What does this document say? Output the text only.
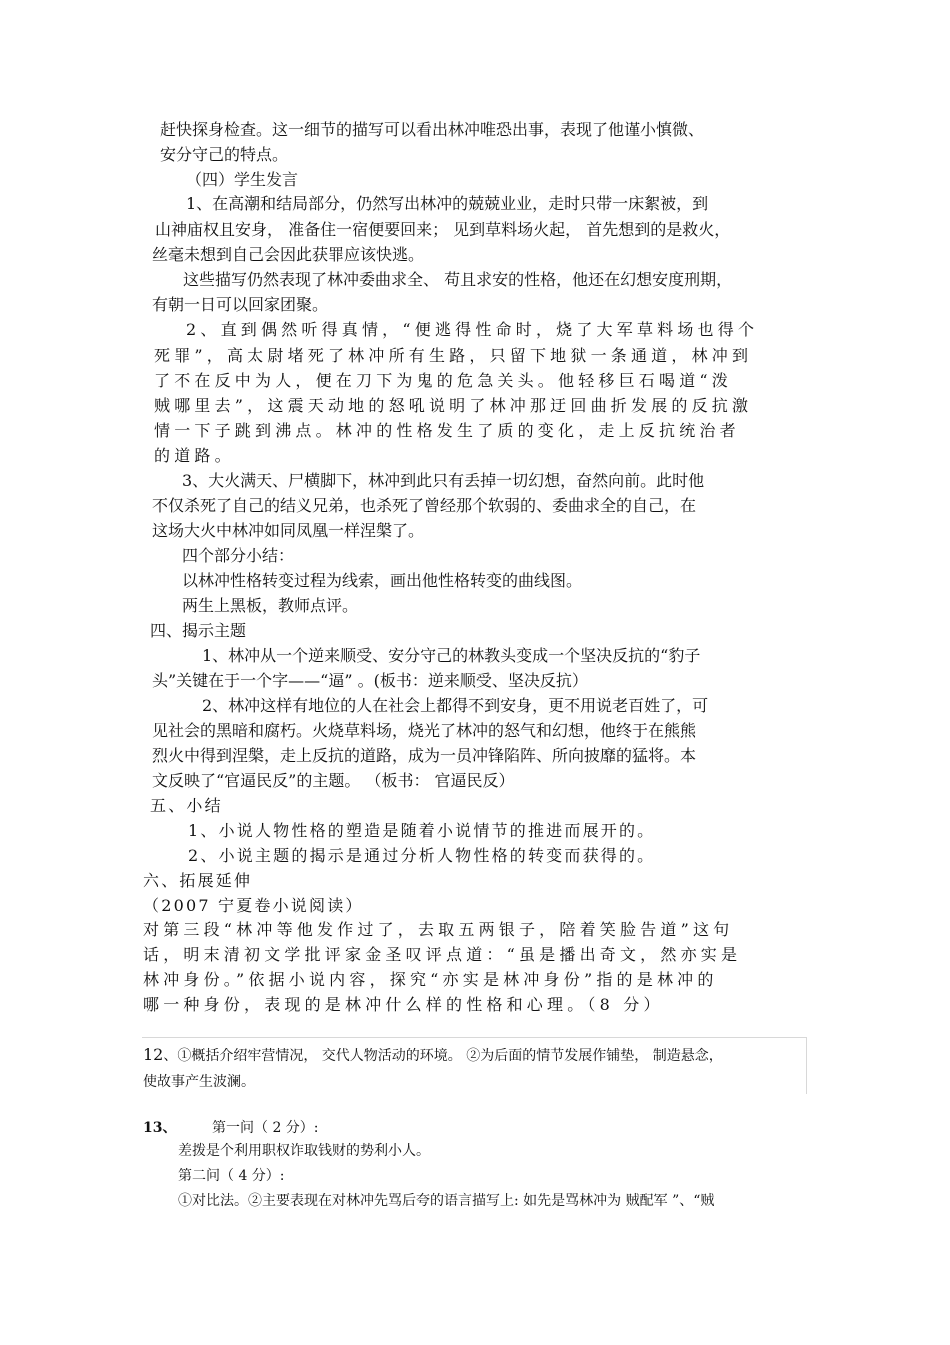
赶快探身检查。这一细节的描写可以看出林冲唯恐出事，表现了他谨小慎微、
安分守己的特点。
（四）学生发言
1、在高潮和结局部分，仍然写出林冲的兢兢业业，走时只带一床絮被，到
山神庙权且安身， 准备住一宿便要回来； 见到草料场火起， 首先想到的是救火，
丝毫未想到自己会因此获罪应该快逃。
这些描写仍然表现了林冲委曲求全、 苟且求安的性格，他还在幻想安度刑期，
有朝一日可以回家团聚。
2、直到偶然听得真情，“便逃得性命时，烧了大军草料场也得个
死罪”，高太尉堵死了林冲所有生路，只留下地狱一条通道，林冲到
了不在反中为人，便在刀下为鬼的危急关头。他轻移巨石喝道“泼
贼哪里去”，这震天动地的怒吼说明了林冲那迂回曲折发展的反抗激
情一下子跳到沸点。林冲的性格发生了质的变化，走上反抗统治者
的道路。
3、大火满天、尸横脚下，林冲到此只有丢掉一切幻想，奋然向前。此时他
不仅杀死了自己的结义兄弟，也杀死了曾经那个软弱的、委曲求全的自己，在
这场大火中林冲如同凤凰一样涅槃了。
四个部分小结：
以林冲性格转变过程为线索，画出他性格转变的曲线图。
两生上黑板，教师点评。
四、揭示主题
1、林冲从一个逆来顺受、安分守己的林教头变成一个坚决反抗的“豹子
头”关键在于一个字——“逼” 。(板书：逆来顺受、坚决反抗）
2、林冲这样有地位的人在社会上都得不到安身，更不用说老百姓了，可
见社会的黑暗和腐朽。火烧草料场，烧光了林冲的怒气和幻想，他终于在熊熊
烈火中得到涅槃，走上反抗的道路，成为一员冲锋陷阵、所向披靡的猛将。本
文反映了“官逼民反”的主题。 （板书： 官逼民反）
五、小结
1、小说人物性格的塑造是随着小说情节的推进而展开的。
2、小说主题的揭示是通过分析人物性格的转变而获得的。
六、拓展延伸
（2007 宁夏卷小说阅读）
对第三段“林冲等他发作过了，去取五两银子，陪着笑脸告道”这句
话，明末清初文学批评家金圣叹评点道：“虽是播出奇文，然亦实是
林冲身份。”依据小说内容，探究“亦实是林冲身份”指的是林冲的
哪一种身份，表现的是林冲什么样的性格和心理。（8 分）
12、①概括介绍牢营情况， 交代人物活动的环境。 ②为后面的情节发展作铺垫， 制造悬念，
使故事产生波澜。
13、	第一问（ 2 分）:
差拨是个利用职权诈取钱财的势利小人。
第二问（ 4 分）:
①对比法。②主要表现在对林冲先骂后夸的语言描写上: 如先是骂林冲为 贼配军 ”、“贼
